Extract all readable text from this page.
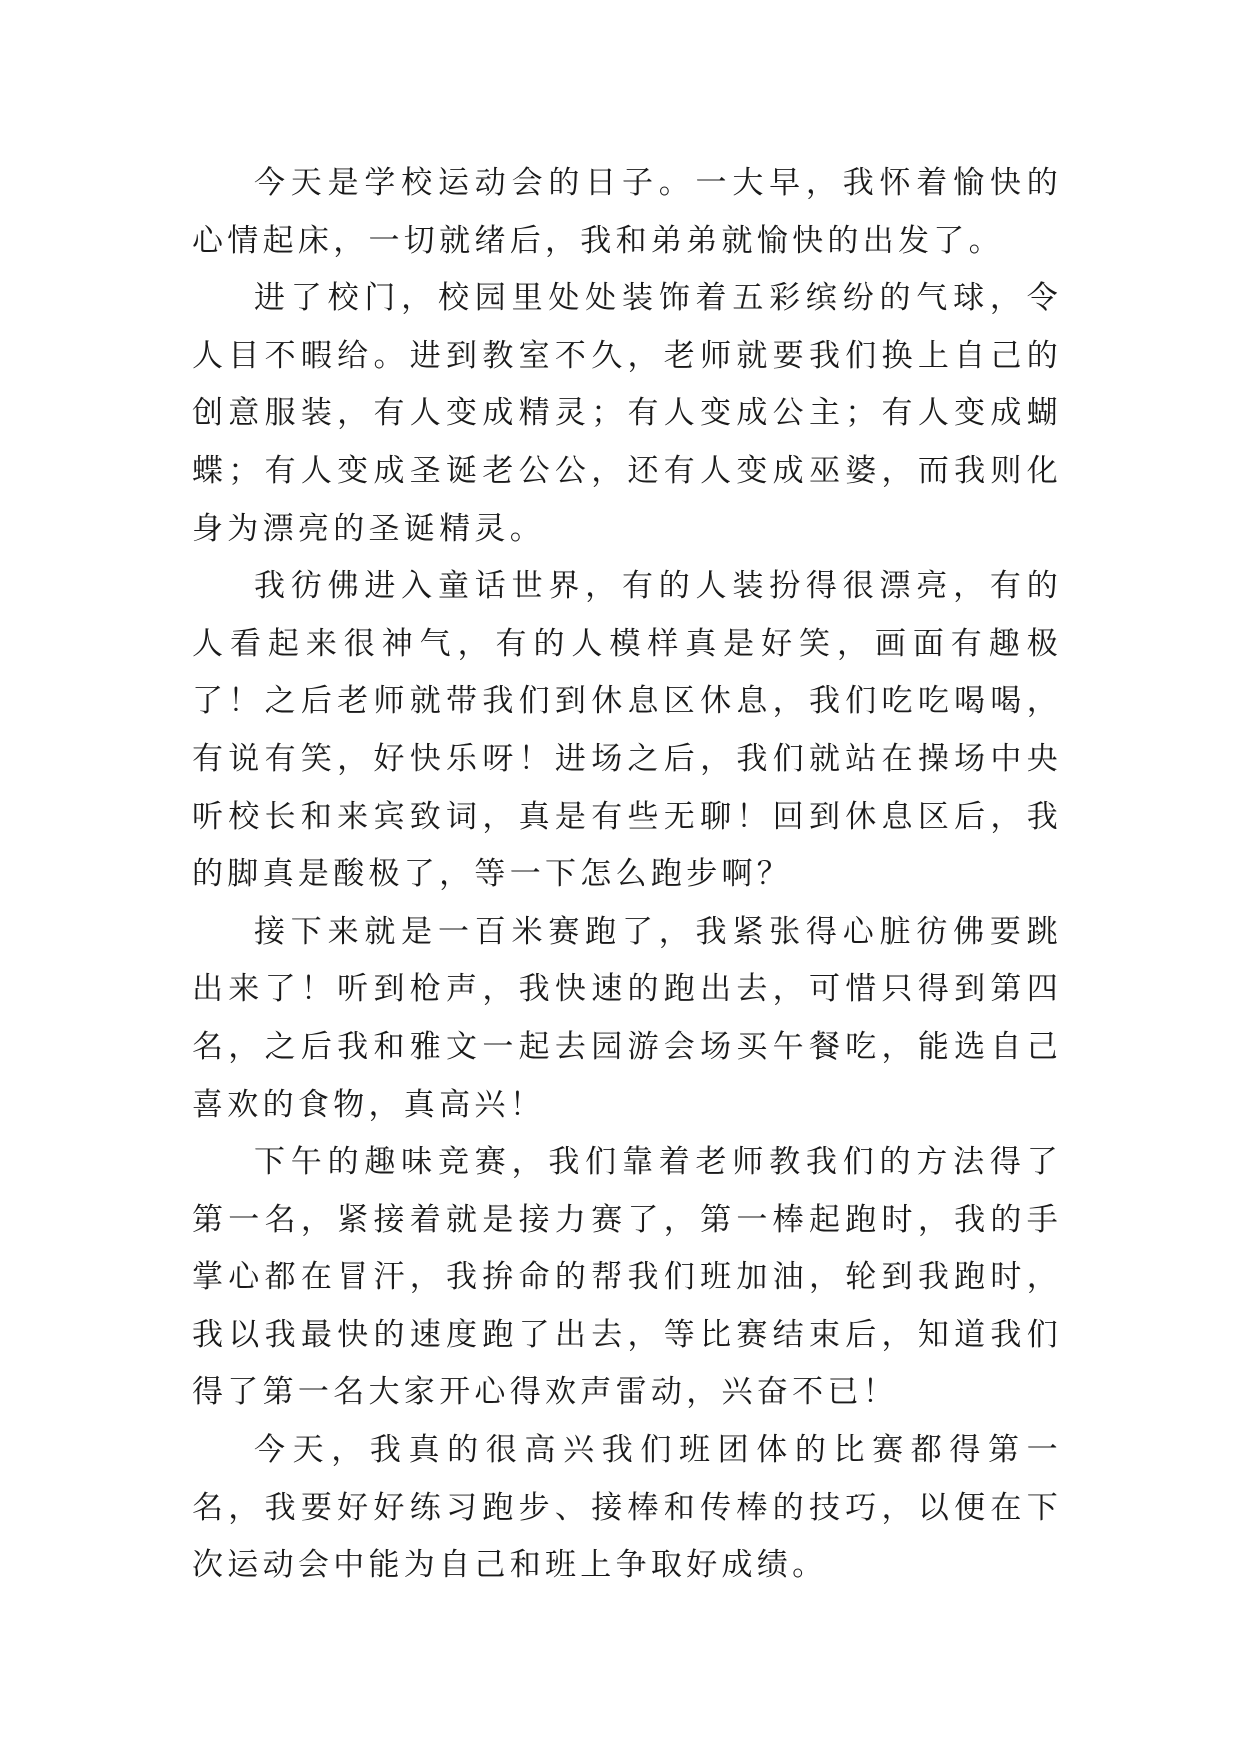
今天是学校运动会的日子。一大早，我怀着愉快的心情起床，一切就绪后，我和弟弟就愉快的出发了。

进了校门，校园里处处装饰着五彩缤纷的气球，令人目不暇给。进到教室不久，老师就要我们换上自己的创意服装，有人变成精灵；有人变成公主；有人变成蝴蝶；有人变成圣诞老公公，还有人变成巫婆，而我则化身为漂亮的圣诞精灵。

我彷佛进入童话世界，有的人装扮得很漂亮，有的人看起来很神气，有的人模样真是好笑，画面有趣极了！之后老师就带我们到休息区休息，我们吃吃喝喝，有说有笑，好快乐呀！进场之后，我们就站在操场中央听校长和来宾致词，真是有些无聊！回到休息区后，我的脚真是酸极了，等一下怎么跑步啊？

接下来就是一百米赛跑了，我紧张得心脏彷佛要跳出来了！听到枪声，我快速的跑出去，可惜只得到第四名，之后我和雅文一起去园游会场买午餐吃，能选自己喜欢的食物，真高兴！

下午的趣味竞赛，我们靠着老师教我们的方法得了第一名，紧接着就是接力赛了，第一棒起跑时，我的手掌心都在冒汗，我拚命的帮我们班加油，轮到我跑时，我以我最快的速度跑了出去，等比赛结束后，知道我们得了第一名大家开心得欢声雷动，兴奋不已！

今天，我真的很高兴我们班团体的比赛都得第一名，我要好好练习跑步、接棒和传棒的技巧，以便在下次运动会中能为自己和班上争取好成绩。
